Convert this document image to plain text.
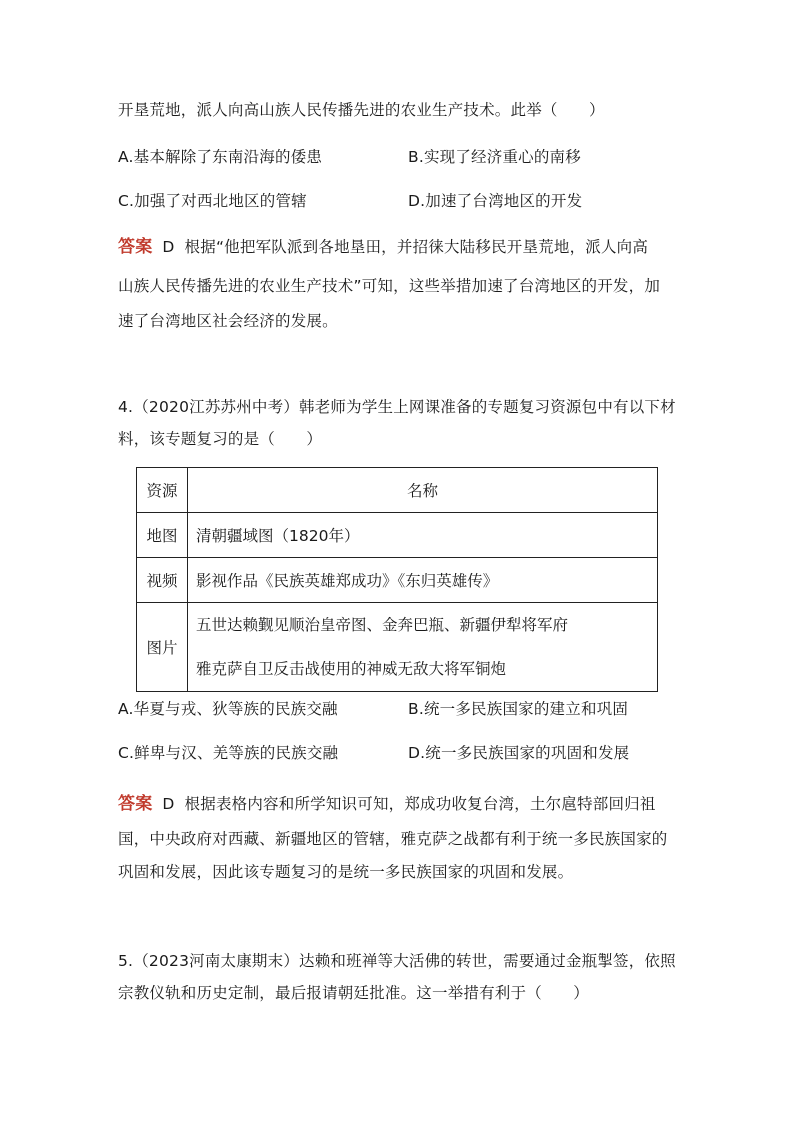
开垦荒地，派人向高山族人民传播先进的农业生产技术。此举（　　）
A.基本解除了东南沿海的倭患	B.实现了经济重心的南移
C.加强了对西北地区的管辖	D.加速了台湾地区的开发
答案 D 根据“他把军队派到各地垦田，并招徕大陆移民开垦荒地，派人向高
山族人民传播先进的农业生产技术”可知，这些举措加速了台湾地区的开发，加
速了台湾地区社会经济的发展。
4.（2020江苏苏州中考）韩老师为学生上网课准备的专题复习资源包中有以下材
料，该专题复习的是（　　）
资源	名称
地图	清朝疆域图（1820年）
视频	影视作品《民族英雄郑成功》《东归英雄传》
图片	五世达赖觐见顺治皇帝图、金奔巴瓶、新疆伊犁将军府
雅克萨自卫反击战使用的神威无敌大将军铜炮
A.华夏与戎、狄等族的民族交融	B.统一多民族国家的建立和巩固
C.鲜卑与汉、羌等族的民族交融	D.统一多民族国家的巩固和发展
答案 D 根据表格内容和所学知识可知，郑成功收复台湾，土尔扈特部回归祖
国，中央政府对西藏、新疆地区的管辖，雅克萨之战都有利于统一多民族国家的
巩固和发展，因此该专题复习的是统一多民族国家的巩固和发展。
5.（2023河南太康期末）达赖和班禅等大活佛的转世，需要通过金瓶掣签，依照
宗教仪轨和历史定制，最后报请朝廷批准。这一举措有利于（　　）
